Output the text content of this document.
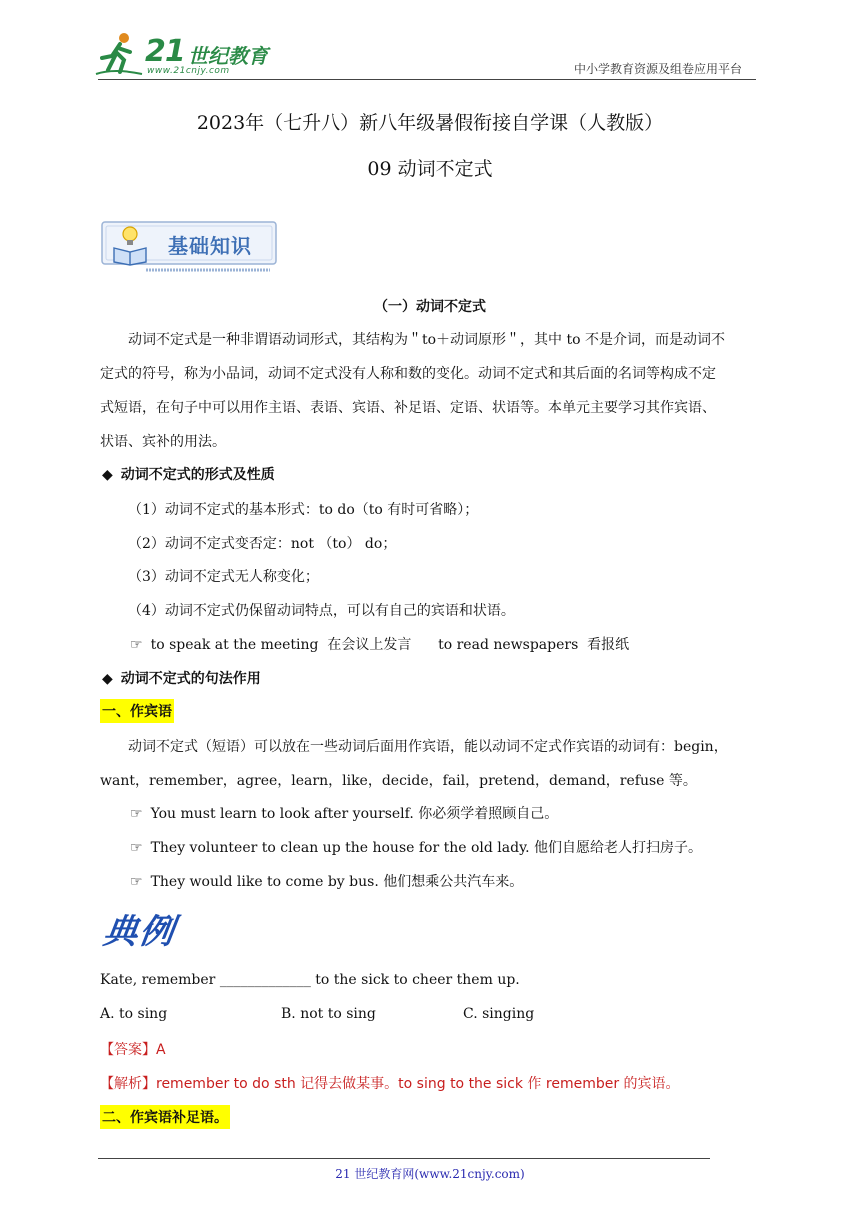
21 世纪教育
www.21cnjy.com	中小学教育资源及组卷应用平台
2023年（七升八）新八年级暑假衔接自学课（人教版）
09 动词不定式
基础知识
（一）动词不定式
动词不定式是一种非谓语动词形式，其结构为＂to＋动词原形＂，其中 to 不是介词，而是动词不
定式的符号，称为小品词，动词不定式没有人称和数的变化。动词不定式和其后面的名词等构成不定
式短语，在句子中可以用作主语、表语、宾语、补足语、定语、状语等。本单元主要学习其作宾语、
状语、宾补的用法。
◆ 动词不定式的形式及性质
（1）动词不定式的基本形式：to do（to 有时可省略）；
（2）动词不定式变否定：not （to） do；
（3）动词不定式无人称变化；
（4）动词不定式仍保留动词特点，可以有自己的宾语和状语。
☞ to speak at the meeting  在会议上发言      to read newspapers  看报纸
◆ 动词不定式的句法作用
一、作宾语
动词不定式（短语）可以放在一些动词后面用作宾语，能以动词不定式作宾语的动词有：begin，
want，remember，agree，learn，like，decide，fail，pretend，demand，refuse 等。
☞ You must learn to look after yourself. 你必须学着照顾自己。
☞ They volunteer to clean up the house for the old lady. 他们自愿给老人打扫房子。
☞ They would like to come by bus. 他们想乘公共汽车来。
典例
Kate, remember _____________ to the sick to cheer them up.
A. to sing	B. not to sing	C. singing
【答案】A
【解析】remember to do sth 记得去做某事。to sing to the sick 作 remember 的宾语。
二、作宾语补足语。
21 世纪教育网(www.21cnjy.com)
